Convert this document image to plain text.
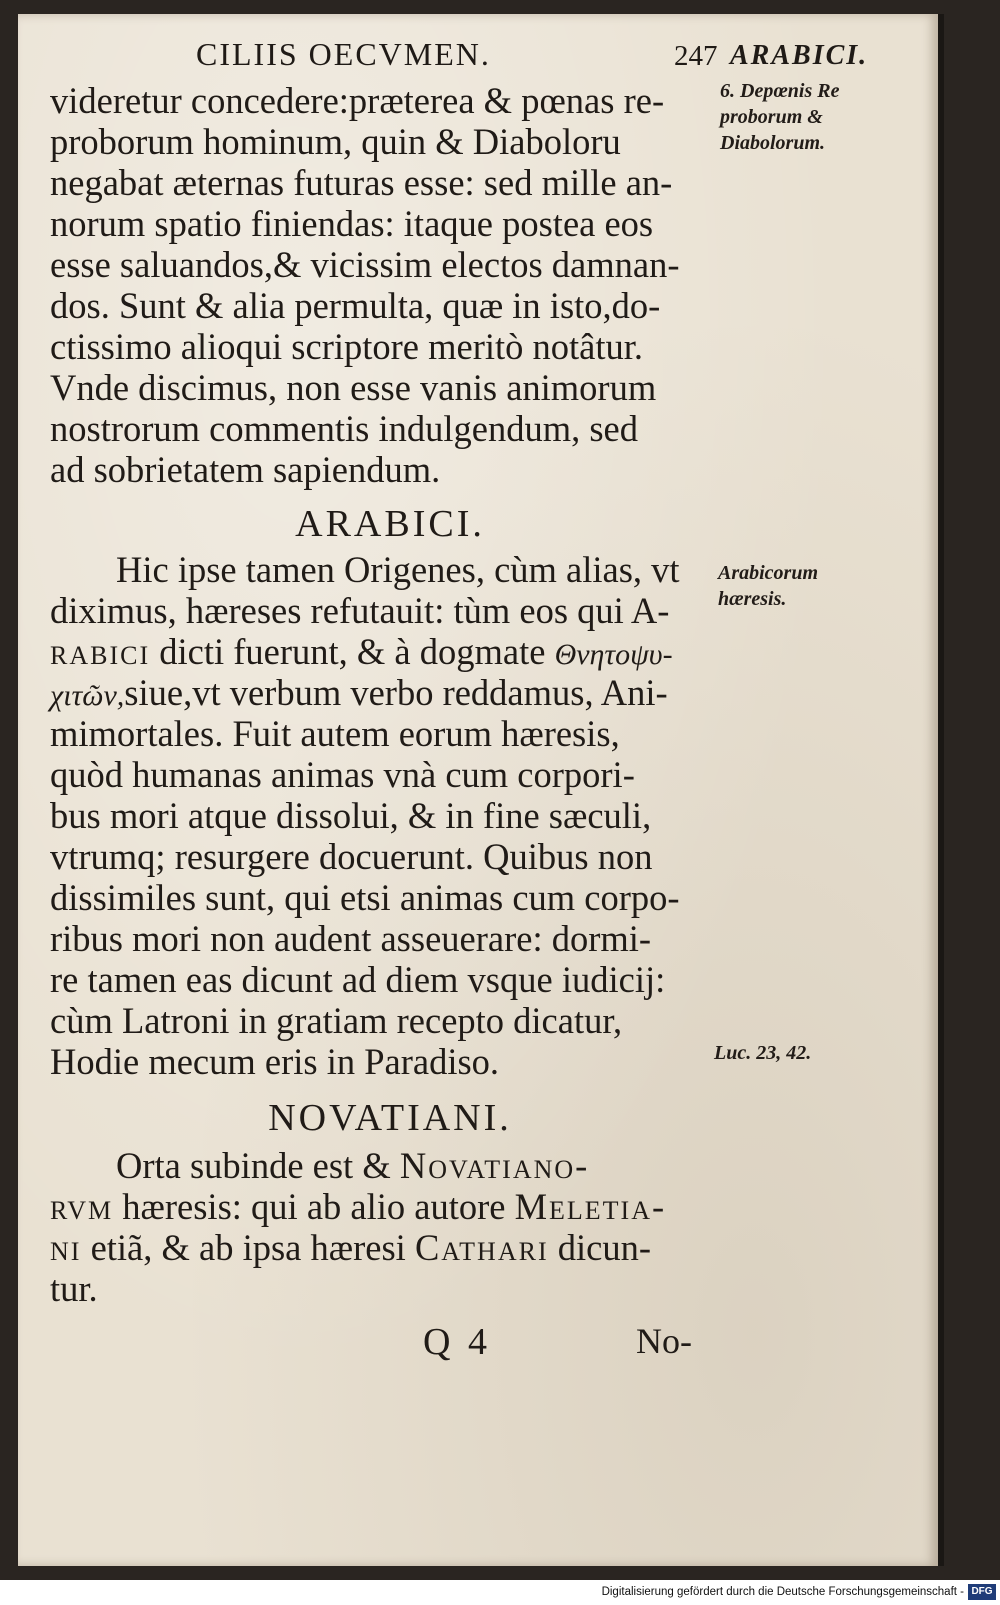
CILIIS OECVMEN.	247 ARABICI.
6. Depœnis Re
proborum &
Diabolorum.
Arabicorum
hæresis.
Luc. 23, 42.
videretur concedere:præterea & pœnas re-
proborum hominum, quin & Diaboloru
negabat æternas futuras esse: sed mille an-
norum spatio finiendas: itaque postea eos
esse saluandos,& vicissim electos damnan-
dos. Sunt & alia permulta, quæ in isto,do-
ctissimo alioqui scriptore meritò notâtur.
Vnde discimus, non esse vanis animorum
nostrorum commentis indulgendum, sed
ad sobrietatem sapiendum.
ARABICI.
Hic ipse tamen Origenes, cùm alias, vt
diximus, hæreses refutauit: tùm eos qui A-
rabici dicti fuerunt, & à dogmate Θνητοψυ-
χιτῶν,siue,vt verbum verbo reddamus, Ani-
mimortales. Fuit autem eorum hæresis,
quòd humanas animas vnà cum corpori-
bus mori atque dissolui, & in fine sæculi,
vtrumq; resurgere docuerunt. Quibus non
dissimiles sunt, qui etsi animas cum corpo-
ribus mori non audent asseuerare: dormi-
re tamen eas dicunt ad diem vsque iudicij:
cùm Latroni in gratiam recepto dicatur,
Hodie mecum eris in Paradiso.
NOVATIANI.
Orta subinde est & Novatiano-
rvm hæresis: qui ab alio autore Meletia-
ni etiã, & ab ipsa hæresi Cathari dicun-
tur.
Q 4	No-
Digitalisierung gefördert durch die Deutsche Forschungsgemeinschaft - DFG
